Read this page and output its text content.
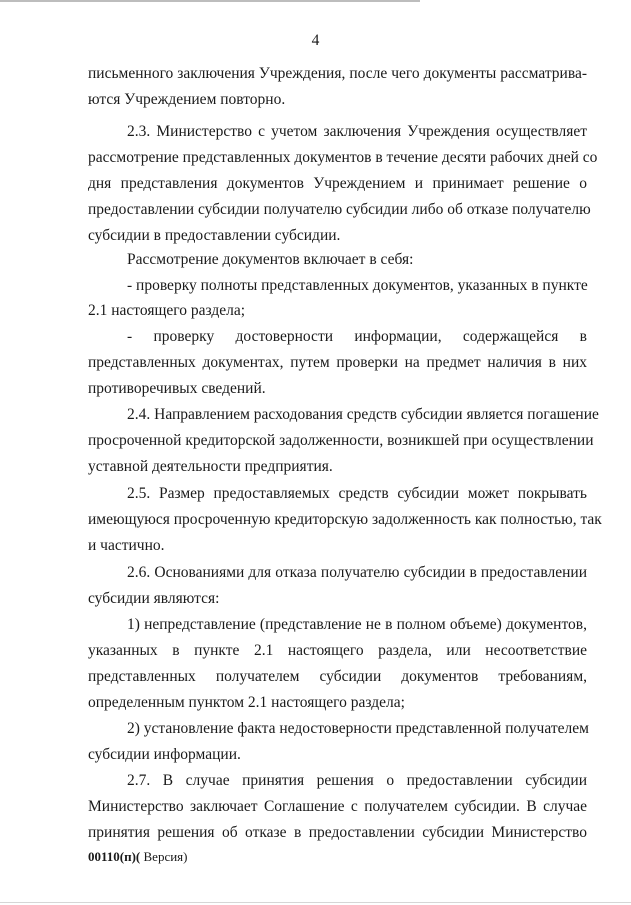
4
письменного заключения Учреждения, после чего документы рассматрива-
ются Учреждением повторно.
2.3. Министерство с учетом заключения Учреждения осуществляет
рассмотрение представленных документов в течение десяти рабочих дней со
дня представления документов Учреждением и принимает решение о
предоставлении субсидии получателю субсидии либо об отказе получателю
субсидии в предоставлении субсидии.
Рассмотрение документов включает в себя:
- проверку полноты представленных документов, указанных в пункте
2.1 настоящего раздела;
- проверку достоверности информации, содержащейся в
представленных документах, путем проверки на предмет наличия в них
противоречивых сведений.
2.4. Направлением расходования средств субсидии является погашение
просроченной кредиторской задолженности, возникшей при осуществлении
уставной деятельности предприятия.
2.5. Размер предоставляемых средств субсидии может покрывать
имеющуюся просроченную кредиторскую задолженность как полностью, так
и частично.
2.6. Основаниями для отказа получателю субсидии в предоставлении
субсидии являются:
1) непредставление (представление не в полном объеме) документов,
указанных в пункте 2.1 настоящего раздела, или несоответствие
представленных получателем субсидии документов требованиям,
определенным пунктом 2.1 настоящего раздела;
2) установление факта недостоверности представленной получателем
субсидии информации.
2.7. В случае принятия решения о предоставлении субсидии
Министерство заключает Соглашение с получателем субсидии. В случае
принятия решения об отказе в предоставлении субсидии Министерство
00110(п)( Версия)
